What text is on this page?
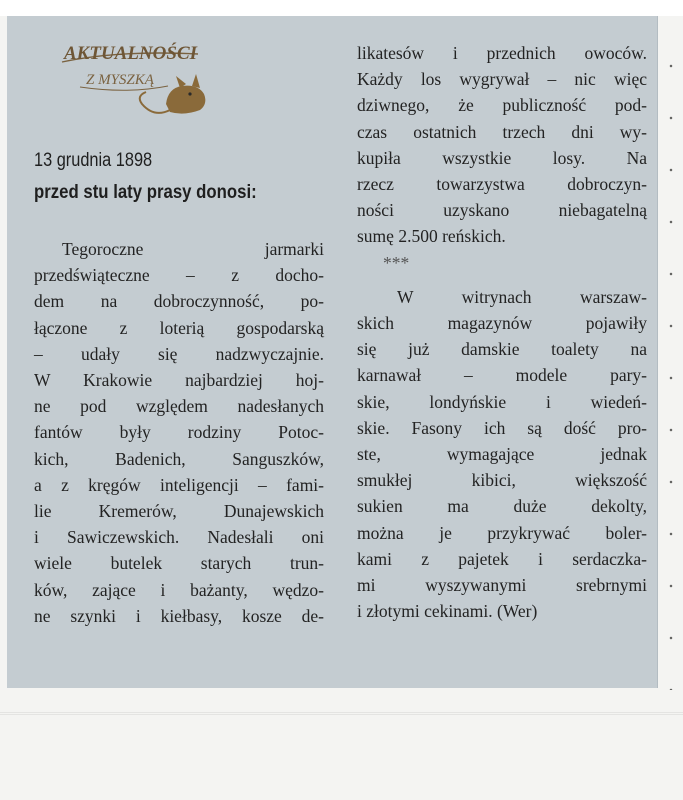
AKTUALNOŚCI
Z MYSZKĄ
13 grudnia 1898
przed stu laty prasy donosi:
Tegoroczne jarmarki
przedświąteczne – z docho-
dem na dobroczynność, po-
łączone z loterią gospodarską
– udały się nadzwyczajnie.
W Krakowie najbardziej hoj-
ne pod względem nadesłanych
fantów były rodziny Potoc-
kich, Badenich, Sanguszków,
a z kręgów inteligencji – fami-
lie Kremerów, Dunajewskich
i Sawiczewskich. Nadesłali oni
wiele butelek starych trun-
ków, zające i bażanty, wędzo-
ne szynki i kiełbasy, kosze de-
likatesów i przednich owoców.
Każdy los wygrywał – nic więc
dziwnego, że publiczność pod-
czas ostatnich trzech dni wy-
kupiła wszystkie losy. Na
rzecz towarzystwa dobroczyn-
ności uzyskano niebagatelną
sumę 2.500 reńskich.
***
W witrynach warszaw-
skich magazynów pojawiły
się już damskie toalety na
karnawał – modele pary-
skie, londyńskie i wiedeń-
skie. Fasony ich są dość pro-
ste, wymagające jednak
smukłej kibici, większość
sukien ma duże dekolty,
można je przykrywać boler-
kami z pajetek i serdaczka-
mi wyszywanymi srebrnymi
i złotymi cekinami. (Wer)
